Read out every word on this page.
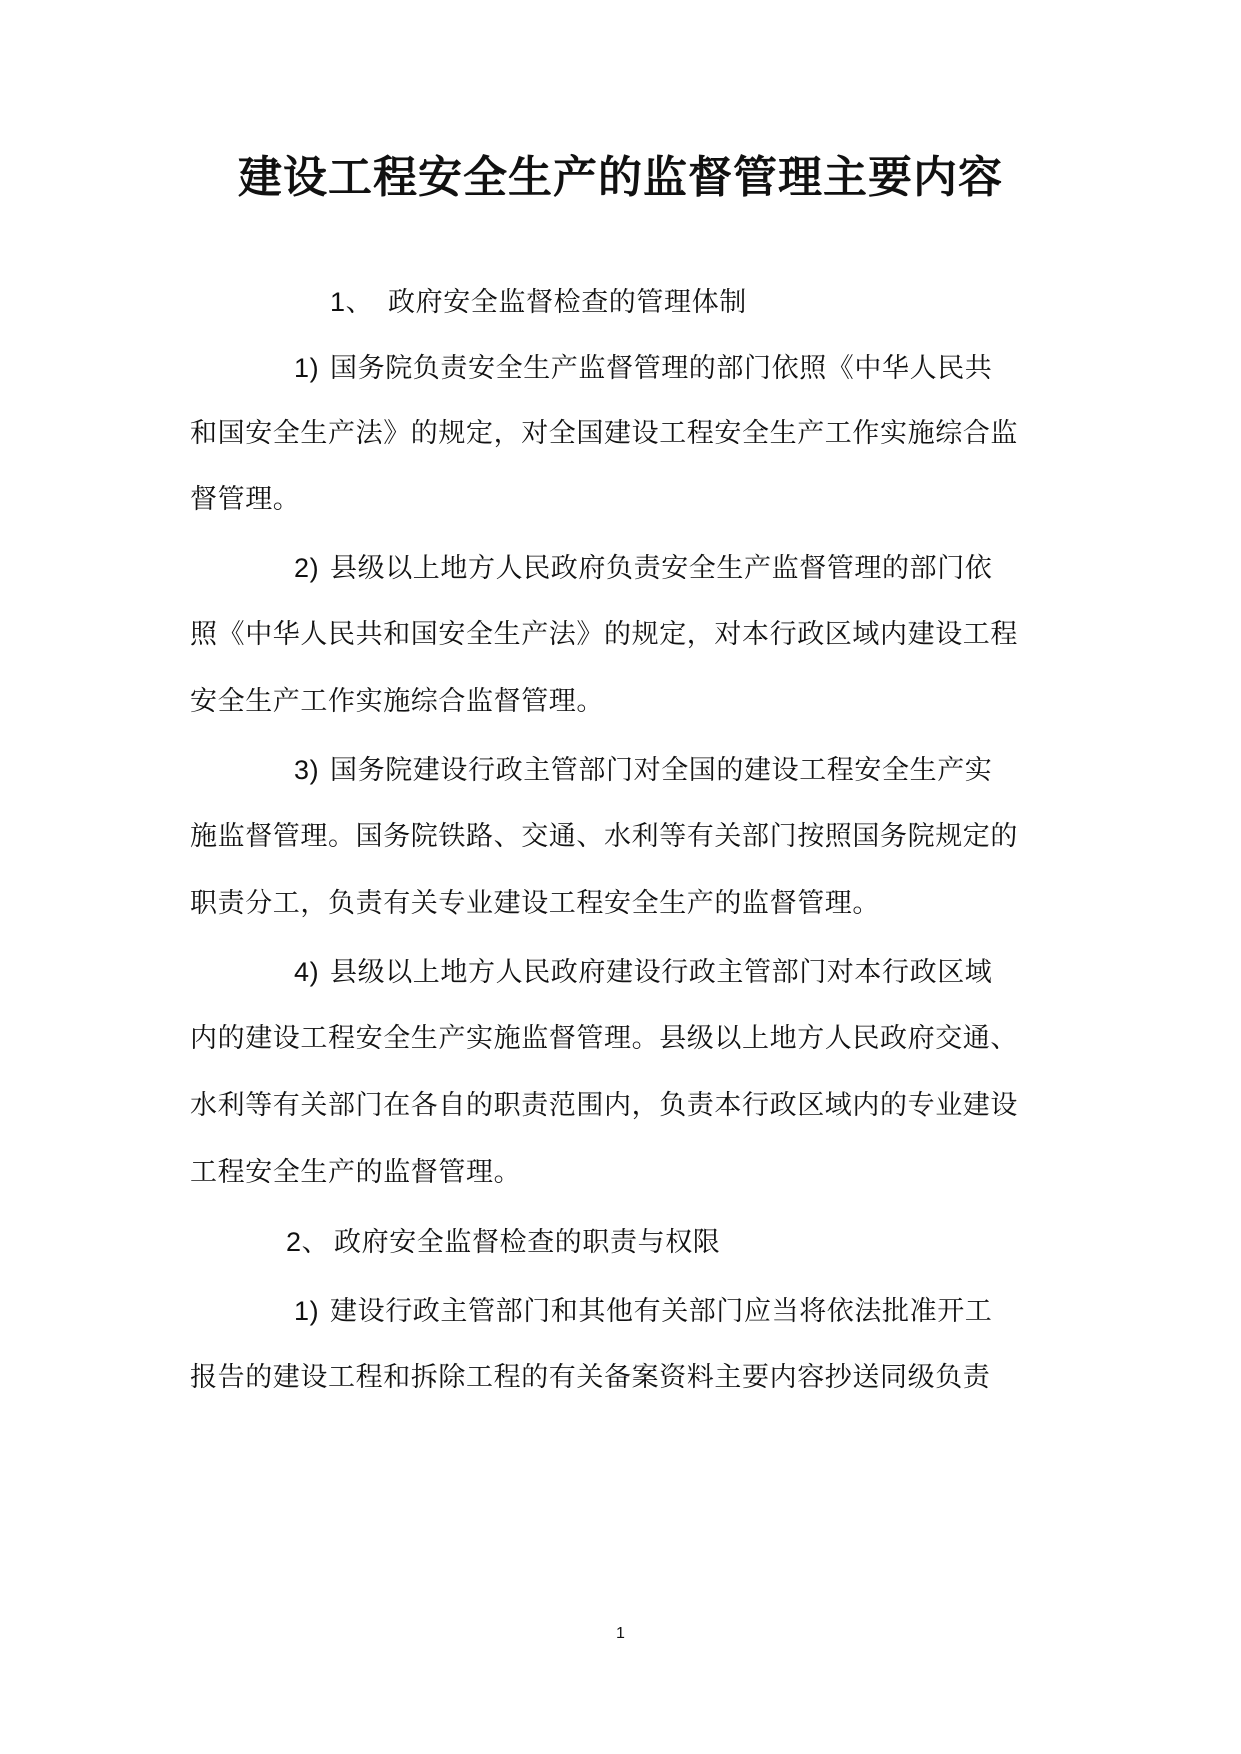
建设工程安全生产的监督管理主要内容
1、 政府安全监督检查的管理体制
1) 国务院负责安全生产监督管理的部门依照《中华人民共
和国安全生产法》的规定，对全国建设工程安全生产工作实施综合监
督管理。
2) 县级以上地方人民政府负责安全生产监督管理的部门依
照《中华人民共和国安全生产法》的规定，对本行政区域内建设工程
安全生产工作实施综合监督管理。
3) 国务院建设行政主管部门对全国的建设工程安全生产实
施监督管理。国务院铁路、交通、水利等有关部门按照国务院规定的
职责分工，负责有关专业建设工程安全生产的监督管理。
4) 县级以上地方人民政府建设行政主管部门对本行政区域
内的建设工程安全生产实施监督管理。县级以上地方人民政府交通、
水利等有关部门在各自的职责范围内，负责本行政区域内的专业建设
工程安全生产的监督管理。
2、 政府安全监督检查的职责与权限
1) 建设行政主管部门和其他有关部门应当将依法批准开工
报告的建设工程和拆除工程的有关备案资料主要内容抄送同级负责
1
